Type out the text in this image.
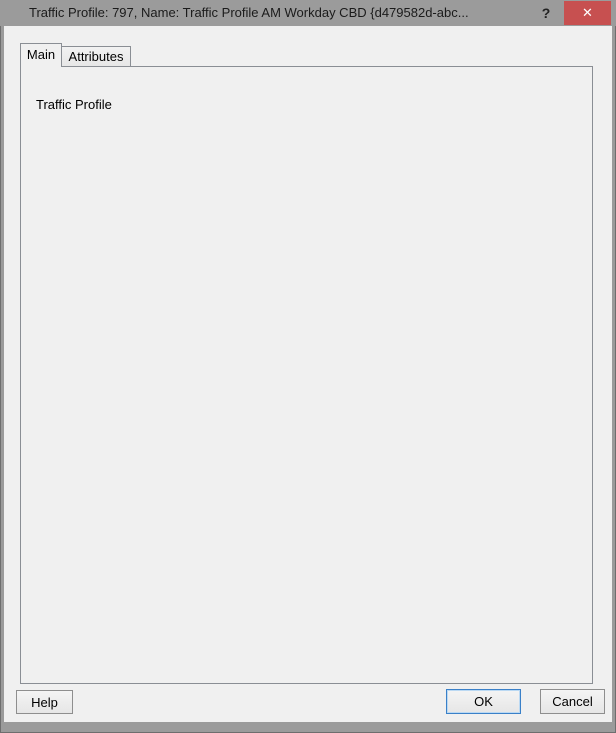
Traffic Profile: 797, Name: Traffic Profile AM Workday CBD {d479582d-abc...	?	✕
Main	Attributes
Traffic Profile AM Workday CBD
Traffic Profile
7:00:00
03:00:00
15:00:00
Help	OK	Cancel
